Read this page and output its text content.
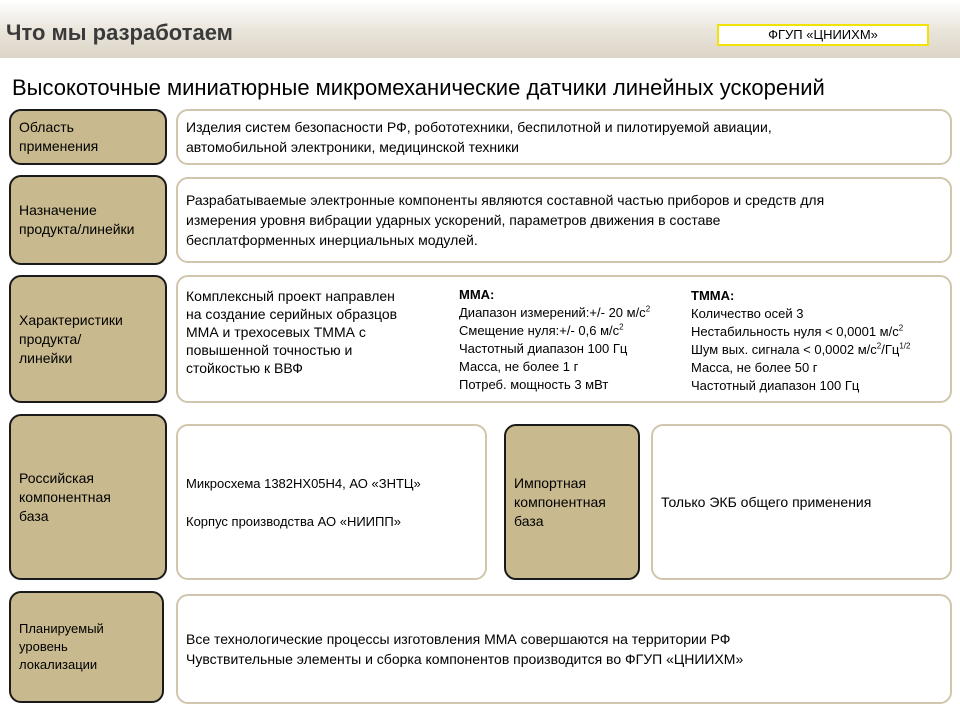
Что мы разработаем	ФГУП «ЦНИИХМ»
Высокоточные миниатюрные микромеханические датчики линейных ускорений
Область
применения
Изделия систем безопасности РФ, робототехники, беспилотной и пилотируемой авиации,
автомобильной электроники, медицинской техники
Назначение
продукта/линейки
Разрабатываемые электронные компоненты являются составной частью приборов и средств для
измерения уровня вибрации ударных ускорений, параметров движения в составе
бесплатформенных инерциальных модулей.
Характеристики
продукта/
линейки
Комплексный проект направлен
на создание серийных образцов
ММА и трехосевых ТММА с
повышенной точностью и
стойкостью к ВВФ
ММА:
Диапазон измерений:+/- 20 $м/с^2$
Смещение нуля:+/- 0,6 $м/с^2$
Частотный диапазон 100 Гц
Масса, не более 1 г
Потреб. мощность 3 мВт
ТММА:
Количество осей 3
Нестабильность нуля < 0,0001 $м/с^2$
Шум вых. сигнала < 0,0002 $м/с^2/Гц^{1/2}$
Масса, не более 50 г
Частотный диапазон 100 Гц
Российская
компонентная
база
Микросхема 1382НХ05Н4, АО «ЗНТЦ»
Корпус производства АО «НИИПП»
Импортная
компонентная
база
Только ЭКБ общего применения
Планируемый
уровень
локализации
Все технологические процессы изготовления ММА совершаются на территории РФ
Чувствительные элементы и сборка компонентов производится во ФГУП «ЦНИИХМ»
